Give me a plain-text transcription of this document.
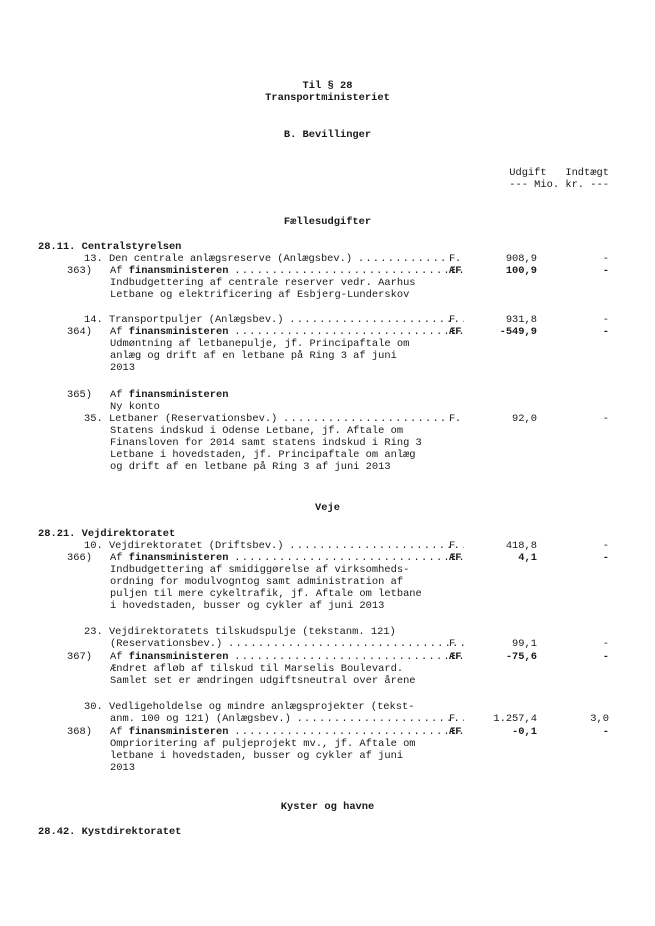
Til § 28
Transportministeriet
B. Bevillinger
Udgift   Indtægt
--- Mio. kr. ---
Fællesudgifter
28.11. Centralstyrelsen
13. Den centrale anlægsreserve (Anlægsbev.) . . .	F	908,9	-
363) Af finansministeren . . .	ÆF	100,9	-
Indbudgettering af centrale reserver vedr. Aarhus
Letbane og elektrificering af Esbjerg-Lunderskov
14. Transportpuljer (Anlægsbev.) . . .	F	931,8	-
364) Af finansministeren . . .	ÆF	-549,9	-
Udmøntning af letbanepulje, jf. Principaftale om
anlæg og drift af en letbane på Ring 3 af juni
2013
365) Af finansministeren
Ny konto
35. Letbaner (Reservationsbev.) . . .	F	92,0	-
Statens indskud i Odense Letbane, jf. Aftale om
Finansloven for 2014 samt statens indskud i Ring 3
Letbane i hovedstaden, jf. Principaftale om anlæg
og drift af en letbane på Ring 3 af juni 2013
Veje
28.21. Vejdirektoratet
10. Vejdirektoratet (Driftsbev.) . . .	F	418,8	-
366) Af finansministeren . . .	ÆF	4,1	-
Indbudgettering af smidiggørelse af virksomheds-
ordning for modulvogntog samt administration af
puljen til mere cykeltrafik, jf. Aftale om letbane
i hovedstaden, busser og cykler af juni 2013
23. Vejdirektoratets tilskudspulje (tekstanm. 121)
(Reservationsbev.) . . .	F	99,1	-
367) Af finansministeren . . .	ÆF	-75,6	-
Ændret afløb af tilskud til Marselis Boulevard.
Samlet set er ændringen udgiftsneutral over årene
30. Vedligeholdelse og mindre anlægsprojekter (tekst-
anm. 100 og 121) (Anlægsbev.) . . .	F	1.257,4	3,0
368) Af finansministeren . . .	ÆF	-0,1	-
Omprioritering af puljeprojekt mv., jf. Aftale om
letbane i hovedstaden, busser og cykler af juni
2013
Kyster og havne
28.42. Kystdirektoratet
